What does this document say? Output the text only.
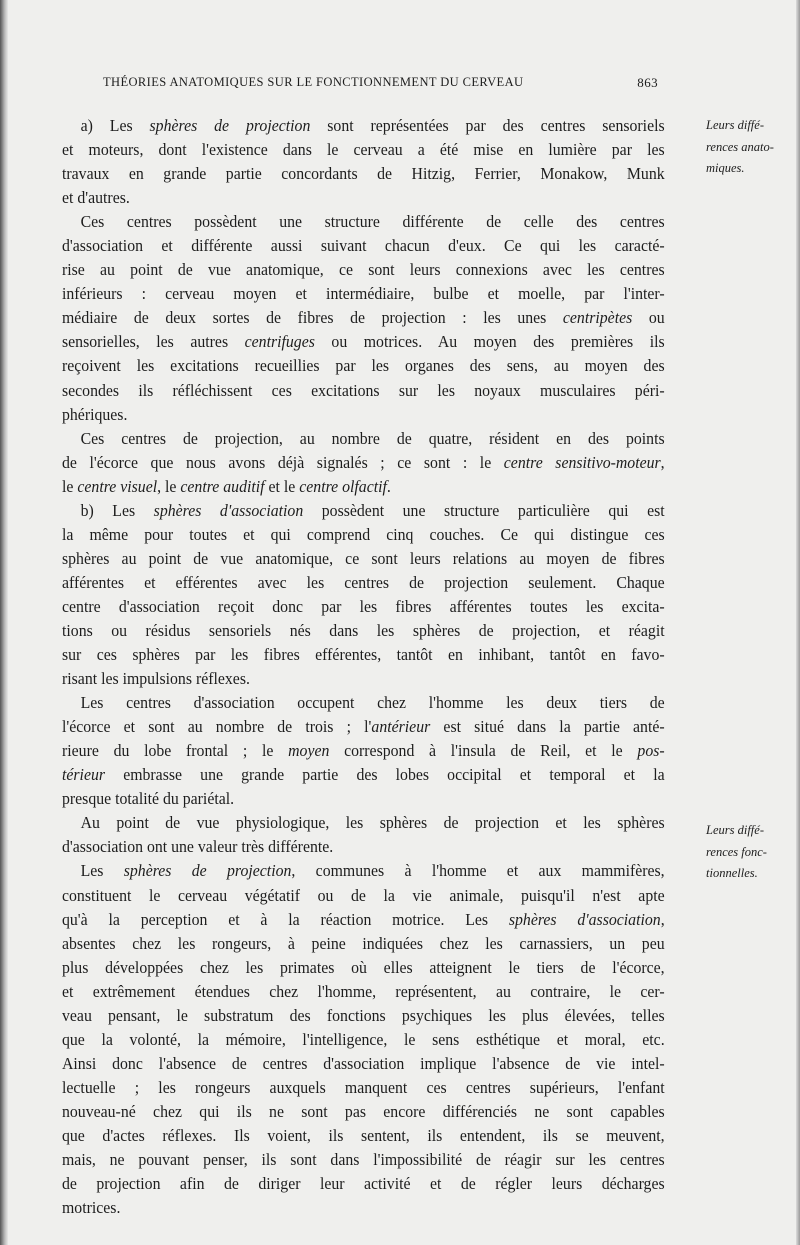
THÉORIES ANATOMIQUES SUR LE FONCTIONNEMENT DU CERVEAU	863
Leurs diffé-
rences anato-
miques.
Leurs diffé-
rences fonc-
tionnelles.
a) Les sphères de projection sont représentées par des centres sensoriels
et moteurs, dont l'existence dans le cerveau a été mise en lumière par les
travaux en grande partie concordants de Hitzig, Ferrier, Monakow, Munk
et d'autres.
Ces centres possèdent une structure différente de celle des centres
d'association et différente aussi suivant chacun d'eux. Ce qui les caracté-
rise au point de vue anatomique, ce sont leurs connexions avec les centres
inférieurs : cerveau moyen et intermédiaire, bulbe et moelle, par l'inter-
médiaire de deux sortes de fibres de projection : les unes centripètes ou
sensorielles, les autres centrifuges ou motrices. Au moyen des premières ils
reçoivent les excitations recueillies par les organes des sens, au moyen des
secondes ils réfléchissent ces excitations sur les noyaux musculaires péri-
phériques.
Ces centres de projection, au nombre de quatre, résident en des points
de l'écorce que nous avons déjà signalés ; ce sont : le centre sensitivo-moteur,
le centre visuel, le centre auditif et le centre olfactif.
b) Les sphères d'association possèdent une structure particulière qui est
la même pour toutes et qui comprend cinq couches. Ce qui distingue ces
sphères au point de vue anatomique, ce sont leurs relations au moyen de fibres
afférentes et efférentes avec les centres de projection seulement. Chaque
centre d'association reçoit donc par les fibres afférentes toutes les excita-
tions ou résidus sensoriels nés dans les sphères de projection, et réagit
sur ces sphères par les fibres efférentes, tantôt en inhibant, tantôt en favo-
risant les impulsions réflexes.
Les centres d'association occupent chez l'homme les deux tiers de
l'écorce et sont au nombre de trois ; l'antérieur est situé dans la partie anté-
rieure du lobe frontal ; le moyen correspond à l'insula de Reil, et le pos-
térieur embrasse une grande partie des lobes occipital et temporal et la
presque totalité du pariétal.
Au point de vue physiologique, les sphères de projection et les sphères
d'association ont une valeur très différente.
Les sphères de projection, communes à l'homme et aux mammifères,
constituent le cerveau végétatif ou de la vie animale, puisqu'il n'est apte
qu'à la perception et à la réaction motrice. Les sphères d'association,
absentes chez les rongeurs, à peine indiquées chez les carnassiers, un peu
plus développées chez les primates où elles atteignent le tiers de l'écorce,
et extrêmement étendues chez l'homme, représentent, au contraire, le cer-
veau pensant, le substratum des fonctions psychiques les plus élevées, telles
que la volonté, la mémoire, l'intelligence, le sens esthétique et moral, etc.
Ainsi donc l'absence de centres d'association implique l'absence de vie intel-
lectuelle ; les rongeurs auxquels manquent ces centres supérieurs, l'enfant
nouveau-né chez qui ils ne sont pas encore différenciés ne sont capables
que d'actes réflexes. Ils voient, ils sentent, ils entendent, ils se meuvent,
mais, ne pouvant penser, ils sont dans l'impossibilité de réagir sur les centres
de projection afin de diriger leur activité et de régler leurs décharges
motrices.
